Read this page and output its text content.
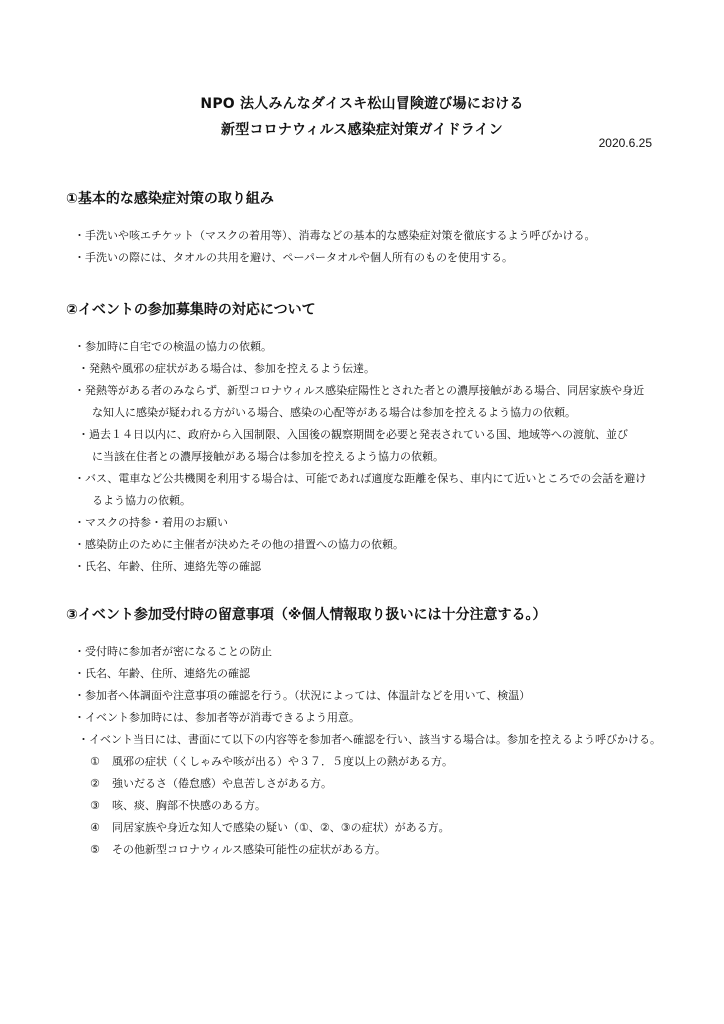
NPO 法人みんなダイスキ松山冒険遊び場における
新型コロナウィルス感染症対策ガイドライン
2020.6.25
①基本的な感染症対策の取り組み
・手洗いや咳エチケット（マスクの着用等）、消毒などの基本的な感染症対策を徹底するよう呼びかける。
・手洗いの際には、タオルの共用を避け、ペーパータオルや個人所有のものを使用する。
②イベントの参加募集時の対応について
・参加時に自宅での検温の協力の依頼。
・発熱や風邪の症状がある場合は、参加を控えるよう伝達。
・発熱等がある者のみならず、新型コロナウィルス感染症陽性とされた者との濃厚接触がある場合、同居家族や身近
な知人に感染が疑われる方がいる場合、感染の心配等がある場合は参加を控えるよう協力の依頼。
・過去１４日以内に、政府から入国制限、入国後の観察期間を必要と発表されている国、地域等への渡航、並び
に当該在住者との濃厚接触がある場合は参加を控えるよう協力の依頼。
・バス、電車など公共機関を利用する場合は、可能であれば適度な距離を保ち、車内にて近いところでの会話を避け
るよう協力の依頼。
・マスクの持参・着用のお願い
・感染防止のために主催者が決めたその他の措置への協力の依頼。
・氏名、年齢、住所、連絡先等の確認
③イベント参加受付時の留意事項（※個人情報取り扱いには十分注意する。）
・受付時に参加者が密になることの防止
・氏名、年齢、住所、連絡先の確認
・参加者へ体調面や注意事項の確認を行う。（状況によっては、体温計などを用いて、検温）
・イベント参加時には、参加者等が消毒できるよう用意。
・イベント当日には、書面にて以下の内容等を参加者へ確認を行い、該当する場合は。参加を控えるよう呼びかける。
① 風邪の症状（くしゃみや咳が出る）や３７．５度以上の熱がある方。
② 強いだるさ（倦怠感）や息苦しさがある方。
③ 咳、痰、胸部不快感のある方。
④ 同居家族や身近な知人で感染の疑い（①、②、③の症状）がある方。
⑤ その他新型コロナウィルス感染可能性の症状がある方。
